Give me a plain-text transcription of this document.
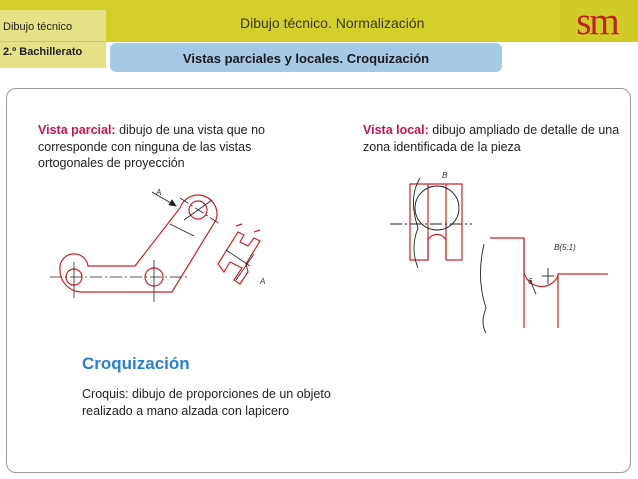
Dibujo técnico
2.º Bachillerato
Dibujo técnico. Normalización	sm
Vistas parciales y locales. Croquización
Vista parcial: dibujo de una vista que no corresponde con ninguna de las vistas ortogonales de proyección
Vista local: dibujo ampliado de detalle de una zona identificada de la pieza
A
A
B
B(5:1)
6
Croquización
Croquis: dibujo de proporciones de un objeto realizado a mano alzada con lapicero
